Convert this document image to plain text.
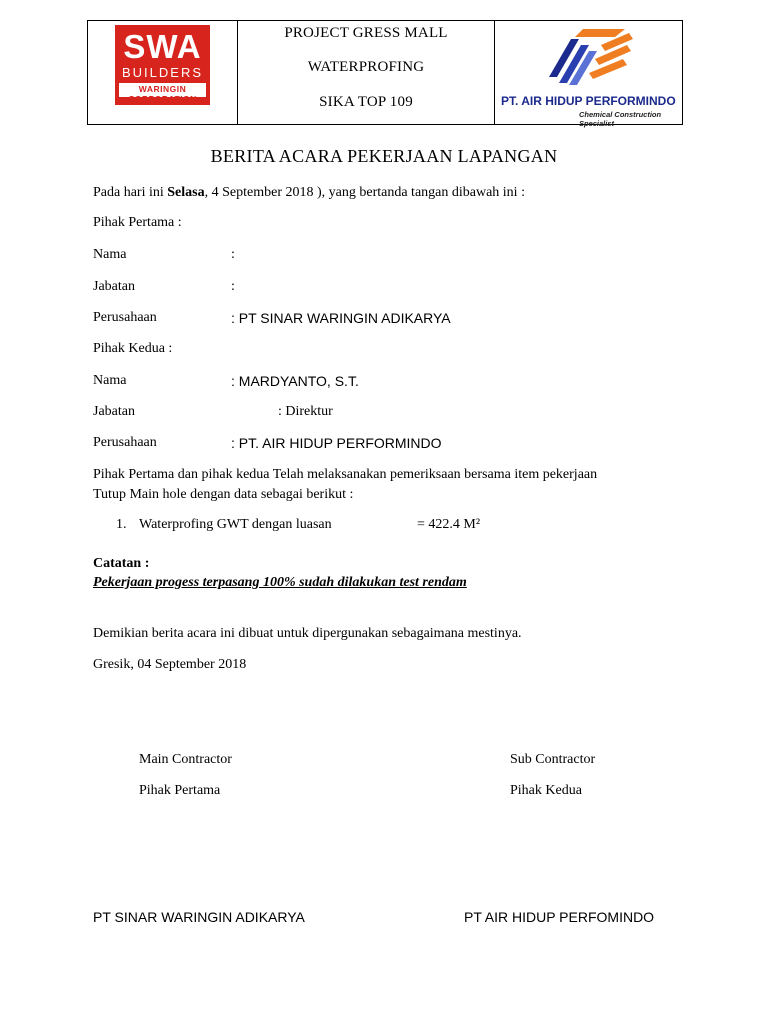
SWA
BUILDERS
WARINGIN CORPORATION
PROJECT GRESS MALL
WATERPROFING
SIKA TOP 109	PT. AIR HIDUP PERFORMINDO
Chemical Construction Specialist
BERITA ACARA PEKERJAAN LAPANGAN
Pada hari ini Selasa, 4 September 2018 ), yang bertanda tangan dibawah ini :
Pihak Pertama :
Nama	:
Jabatan	:
Perusahaan	: PT SINAR WARINGIN ADIKARYA
Pihak Kedua :
Nama	: MARDYANTO, S.T.
Jabatan	: Direktur
Perusahaan	: PT. AIR HIDUP PERFORMINDO
Pihak Pertama dan pihak kedua Telah melaksanakan pemeriksaan bersama item pekerjaan
Tutup Main hole dengan data sebagai berikut :
1. Waterprofing GWT dengan luasan	= 422.4 M²
Catatan :
Pekerjaan progess terpasang 100% sudah dilakukan test rendam
Demikian berita acara ini dibuat untuk dipergunakan sebagaimana mestinya.
Gresik, 04 September 2018
Main Contractor
Pihak Pertama
PT SINAR WARINGIN ADIKARYA
Sub Contractor
Pihak Kedua
PT AIR HIDUP PERFOMINDO
